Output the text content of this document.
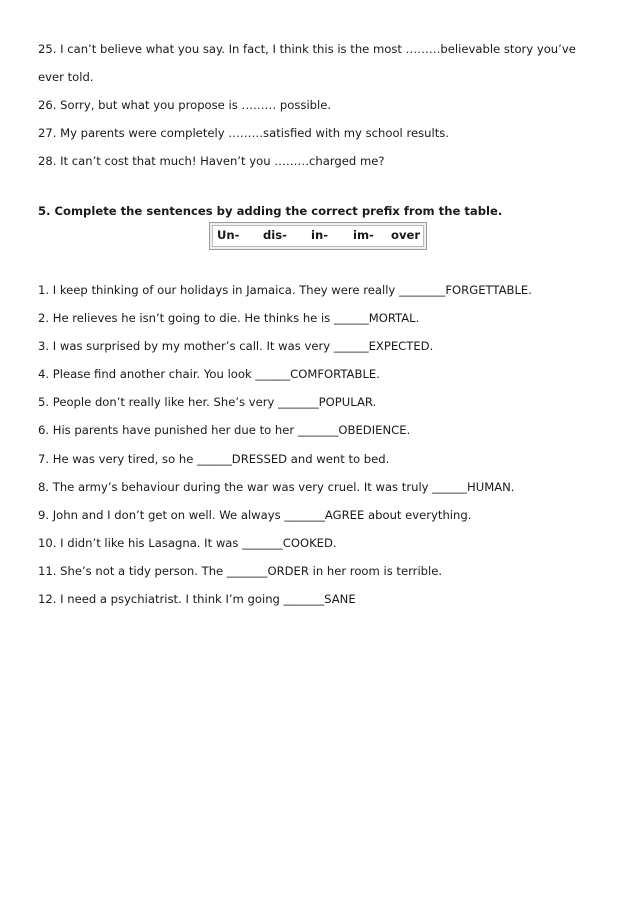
25. I can’t believe what you say. In fact, I think this is the most ………believable story you’ve
ever told.
26. Sorry, but what you propose is ……… possible.
27. My parents were completely ………satisfied with my school results.
28. It can’t cost that much! Haven’t you ………charged me?
5. Complete the sentences by adding the correct prefix from the table.
Un-	dis-	in-	im-	over
1. I keep thinking of our holidays in Jamaica. They were really ________FORGETTABLE.
2. He relieves he isn’t going to die. He thinks he is ______MORTAL.
3. I was surprised by my mother’s call. It was very ______EXPECTED.
4. Please find another chair. You look ______COMFORTABLE.
5. People don’t really like her. She’s very _______POPULAR.
6. His parents have punished her due to her _______OBEDIENCE.
7. He was very tired, so he ______DRESSED and went to bed.
8. The army’s behaviour during the war was very cruel. It was truly ______HUMAN.
9. John and I don’t get on well. We always _______AGREE about everything.
10. I didn’t like his Lasagna. It was _______COOKED.
11. She’s not a tidy person. The _______ORDER in her room is terrible.
12. I need a psychiatrist. I think I’m going _______SANE
